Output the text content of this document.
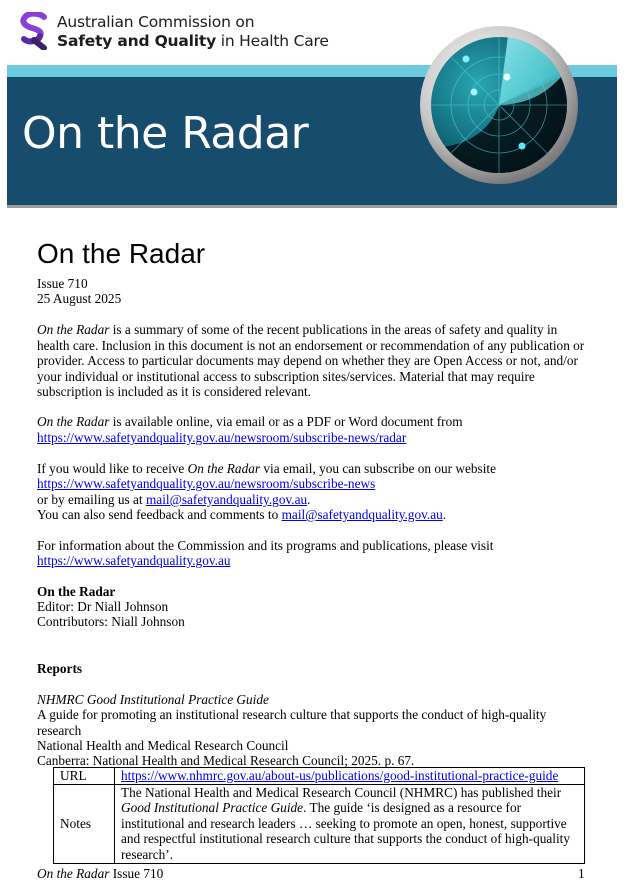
Australian Commission on
Safety and Quality in Health Care
On the Radar
On the Radar
Issue 710
25 August 2025
On the Radar is a summary of some of the recent publications in the areas of safety and quality in health care. Inclusion in this document is not an endorsement or recommendation of any publication or provider. Access to particular documents may depend on whether they are Open Access or not, and/or your individual or institutional access to subscription sites/services. Material that may require subscription is included as it is considered relevant.
On the Radar is available online, via email or as a PDF or Word document from
https://www.safetyandquality.gov.au/newsroom/subscribe-news/radar
If you would like to receive On the Radar via email, you can subscribe on our website
https://www.safetyandquality.gov.au/newsroom/subscribe-news
or by emailing us at mail@safetyandquality.gov.au.
You can also send feedback and comments to mail@safetyandquality.gov.au.
For information about the Commission and its programs and publications, please visit
https://www.safetyandquality.gov.au
On the Radar
Editor: Dr Niall Johnson
Contributors: Niall Johnson
Reports
NHMRC Good Institutional Practice Guide
A guide for promoting an institutional research culture that supports the conduct of high-quality research
National Health and Medical Research Council
Canberra: National Health and Medical Research Council; 2025. p. 67.
URL	https://www.nhmrc.gov.au/about-us/publications/good-institutional-practice-guide
Notes	The National Health and Medical Research Council (NHMRC) has published their Good Institutional Practice Guide. The guide ‘is designed as a resource for institutional and research leaders … seeking to promote an open, honest, supportive and respectful institutional research culture that supports the conduct of high-quality research’.
On the Radar Issue 710	1
